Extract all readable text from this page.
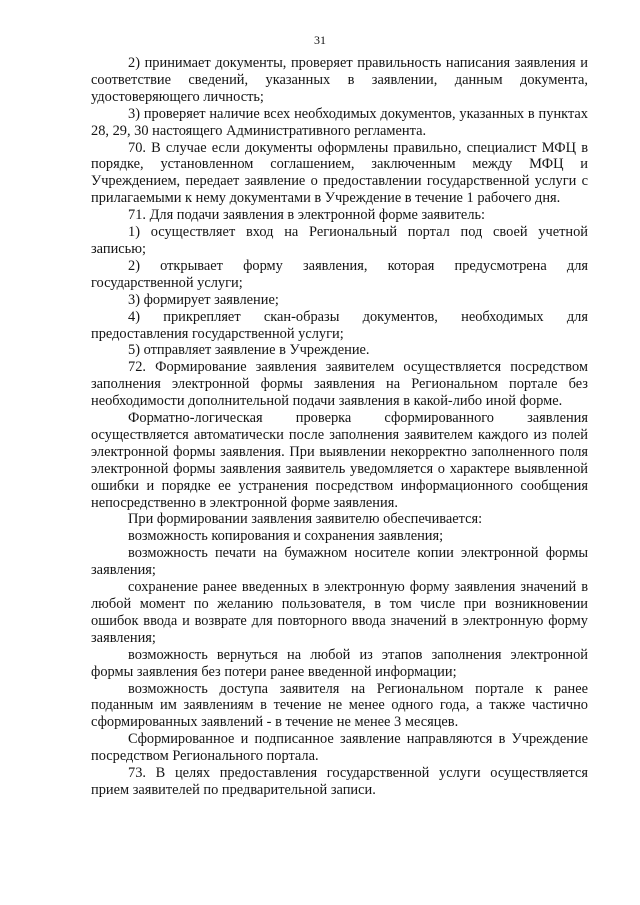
31

2) принимает документы, проверяет правильность написания заявления и соответствие сведений, указанных в заявлении, данным документа, удостоверяющего личность;

3) проверяет наличие всех необходимых документов, указанных в пунктах 28, 29, 30 настоящего Административного регламента.

70. В случае если документы оформлены правильно, специалист МФЦ в порядке, установленном соглашением, заключенным между МФЦ и Учреждением, передает заявление о предоставлении государственной услуги с прилагаемыми к нему документами в Учреждение в течение 1 рабочего дня.

71. Для подачи заявления в электронной форме заявитель:

1) осуществляет вход на Региональный портал под своей учетной записью;

2) открывает форму заявления, которая предусмотрена для государственной услуги;

3) формирует заявление;

4) прикрепляет скан-образы документов, необходимых для предоставления государственной услуги;

5) отправляет заявление в Учреждение.

72. Формирование заявления заявителем осуществляется посредством заполнения электронной формы заявления на Региональном портале без необходимости дополнительной подачи заявления в какой-либо иной форме.

Форматно-логическая проверка сформированного заявления осуществляется автоматически после заполнения заявителем каждого из полей электронной формы заявления. При выявлении некорректно заполненного поля электронной формы заявления заявитель уведомляется о характере выявленной ошибки и порядке ее устранения посредством информационного сообщения непосредственно в электронной форме заявления.

При формировании заявления заявителю обеспечивается:

возможность копирования и сохранения заявления;

возможность печати на бумажном носителе копии электронной формы заявления;

сохранение ранее введенных в электронную форму заявления значений в любой момент по желанию пользователя, в том числе при возникновении ошибок ввода и возврате для повторного ввода значений в электронную форму заявления;

возможность вернуться на любой из этапов заполнения электронной формы заявления без потери ранее введенной информации;

возможность доступа заявителя на Региональном портале к ранее поданным им заявлениям в течение не менее одного года, а также частично сформированных заявлений - в течение не менее 3 месяцев.

Сформированное и подписанное заявление направляются в Учреждение посредством Регионального портала.

73. В целях предоставления государственной услуги осуществляется прием заявителей по предварительной записи.
